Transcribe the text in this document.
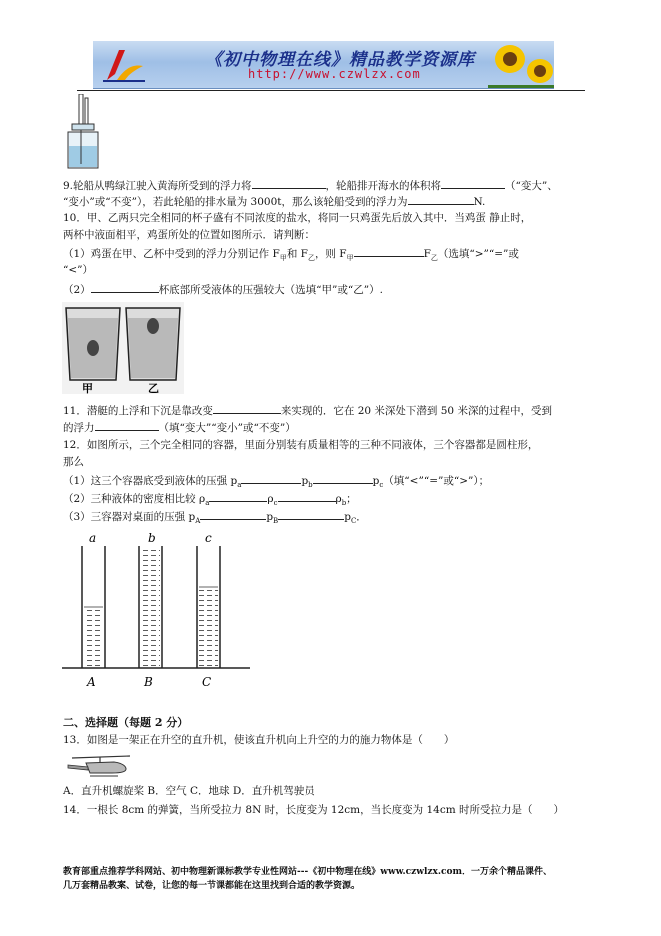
《初中物理在线》精品教学资源库
http://www.czwlzx.com
9.轮船从鸭绿江驶入黄海所受到的浮力将	，轮船排开海水的体积将	（“变大”、
“变小”或“不变”），若此轮船的排水量为 3000t，那么该轮船受到的浮力为	N.
10．甲、乙两只完全相同的杯子盛有不同浓度的盐水，将同一只鸡蛋先后放入其中．当鸡蛋 静止时，
两杯中液面相平，鸡蛋所处的位置如图所示．请判断：
（1）鸡蛋在甲、乙杯中受到的浮力分别记作 $F_甲$和 $F_乙$，则 $F_甲$	$F_乙$（选填“>”“=”或
“<”）
（2）	杯底部所受液体的压强较大（选填“甲”或“乙”）.
甲	乙
11．潜艇的上浮和下沉是靠改变	来实现的．它在 20 米深处下潜到 50 米深的过程中，受到
的浮力	（填“变大”“变小”或“不变”）
12．如图所示，三个完全相同的容器，里面分别装有质量相等的三种不同液体，三个容器都是圆柱形，
那么
（1）这三个容器底受到液体的压强 $p_a$	$p_b$	$p_c$（填“<”“=”或“>”）；
（2）三种液体的密度相比较 $\rho_a$	$\rho_c$	$\rho_b$；
（3）三容器对桌面的压强 $p_A$	$p_B$	$p_C$．
a	b	c
A	B	C
二、选择题（每题 2 分）
13．如图是一架正在升空的直升机，使该直升机向上升空的力的施力物体是（　　）
A．直升机螺旋桨 B．空气 C．地球 D．直升机驾驶员
14．一根长 8cm 的弹簧，当所受拉力 8N 时，长度变为 12cm，当长度变为 14cm 时所受拉力是（　　）
教育部重点推荐学科网站、初中物理新课标教学专业性网站---《初中物理在线》www.czwlzx.com．一万余个精品课件、
几万套精品教案、试卷，让您的每一节课都能在这里找到合适的教学资源。
